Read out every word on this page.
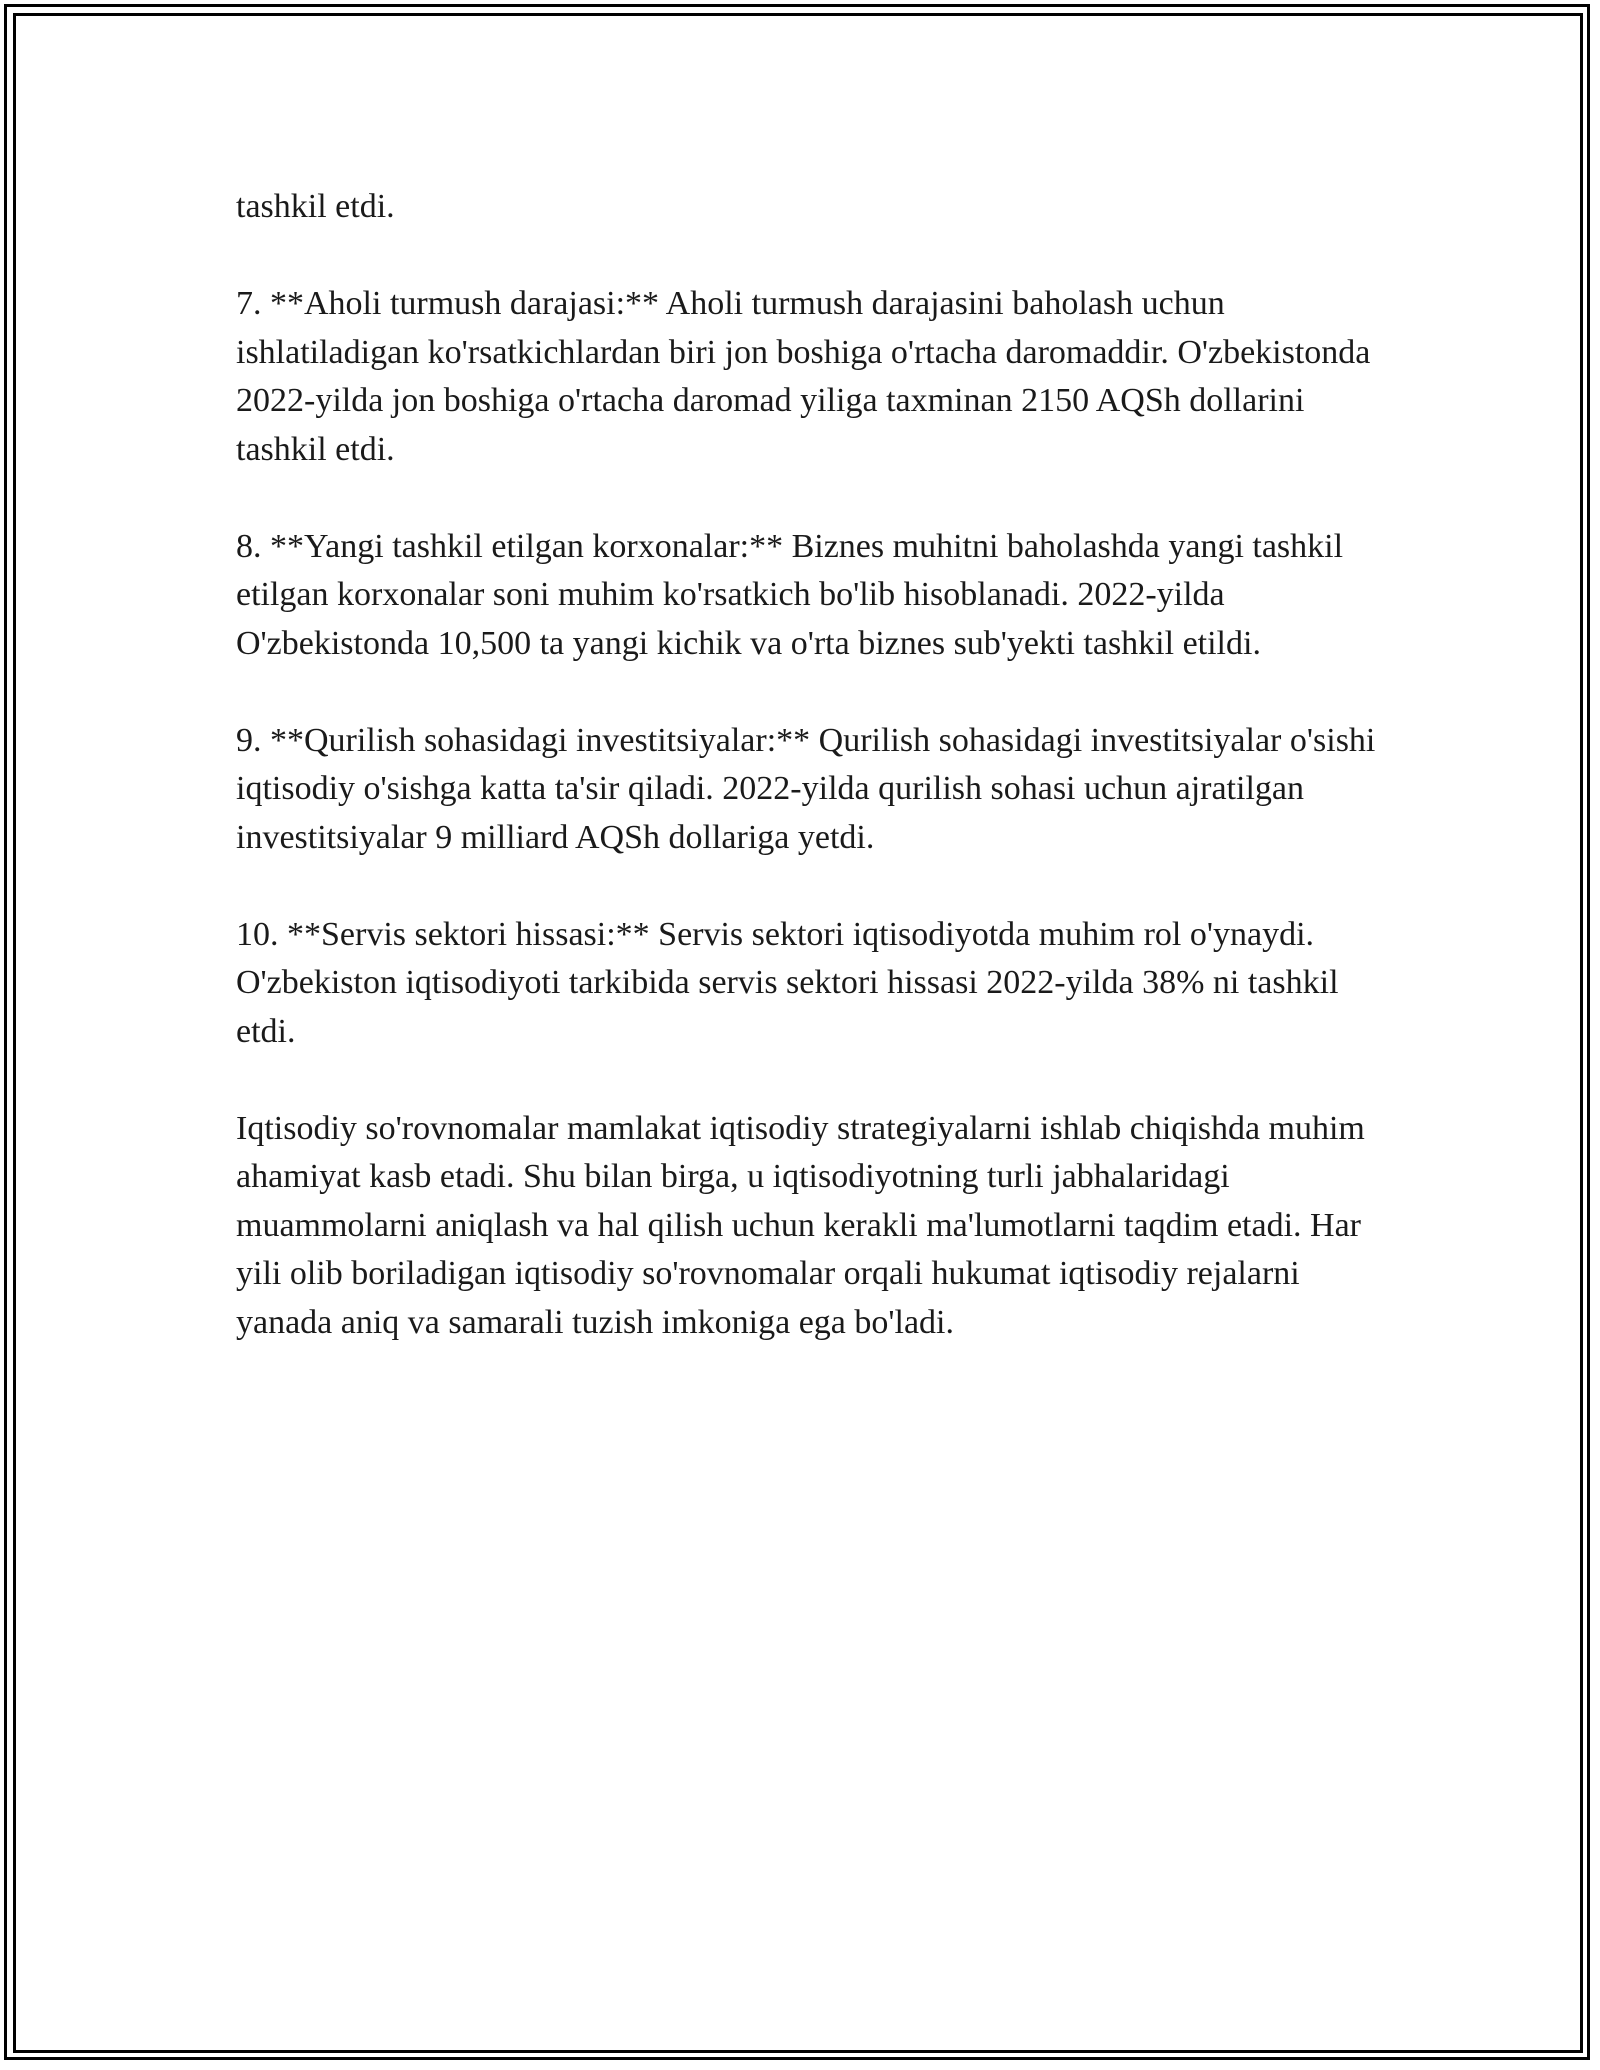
tashkil etdi.

7. **Aholi turmush darajasi:** Aholi turmush darajasini baholash uchun ishlatiladigan ko'rsatkichlardan biri jon boshiga o'rtacha daromaddir. O'zbekistonda 2022-yilda jon boshiga o'rtacha daromad yiliga taxminan 2150 AQSh dollarini tashkil etdi.

8. **Yangi tashkil etilgan korxonalar:** Biznes muhitni baholashda yangi tashkil etilgan korxonalar soni muhim ko'rsatkich bo'lib hisoblanadi. 2022-yilda O'zbekistonda 10,500 ta yangi kichik va o'rta biznes sub'yekti tashkil etildi.

9. **Qurilish sohasidagi investitsiyalar:** Qurilish sohasidagi investitsiyalar o'sishi iqtisodiy o'sishga katta ta'sir qiladi. 2022-yilda qurilish sohasi uchun ajratilgan investitsiyalar 9 milliard AQSh dollariga yetdi.

10. **Servis sektori hissasi:** Servis sektori iqtisodiyotda muhim rol o'ynaydi. O'zbekiston iqtisodiyoti tarkibida servis sektori hissasi 2022-yilda 38% ni tashkil etdi.

Iqtisodiy so'rovnomalar mamlakat iqtisodiy strategiyalarni ishlab chiqishda muhim ahamiyat kasb etadi. Shu bilan birga, u iqtisodiyotning turli jabhalaridagi muammolarni aniqlash va hal qilish uchun kerakli ma'lumotlarni taqdim etadi. Har yili olib boriladigan iqtisodiy so'rovnomalar orqali hukumat iqtisodiy rejalarni yanada aniq va samarali tuzish imkoniga ega bo'ladi.
